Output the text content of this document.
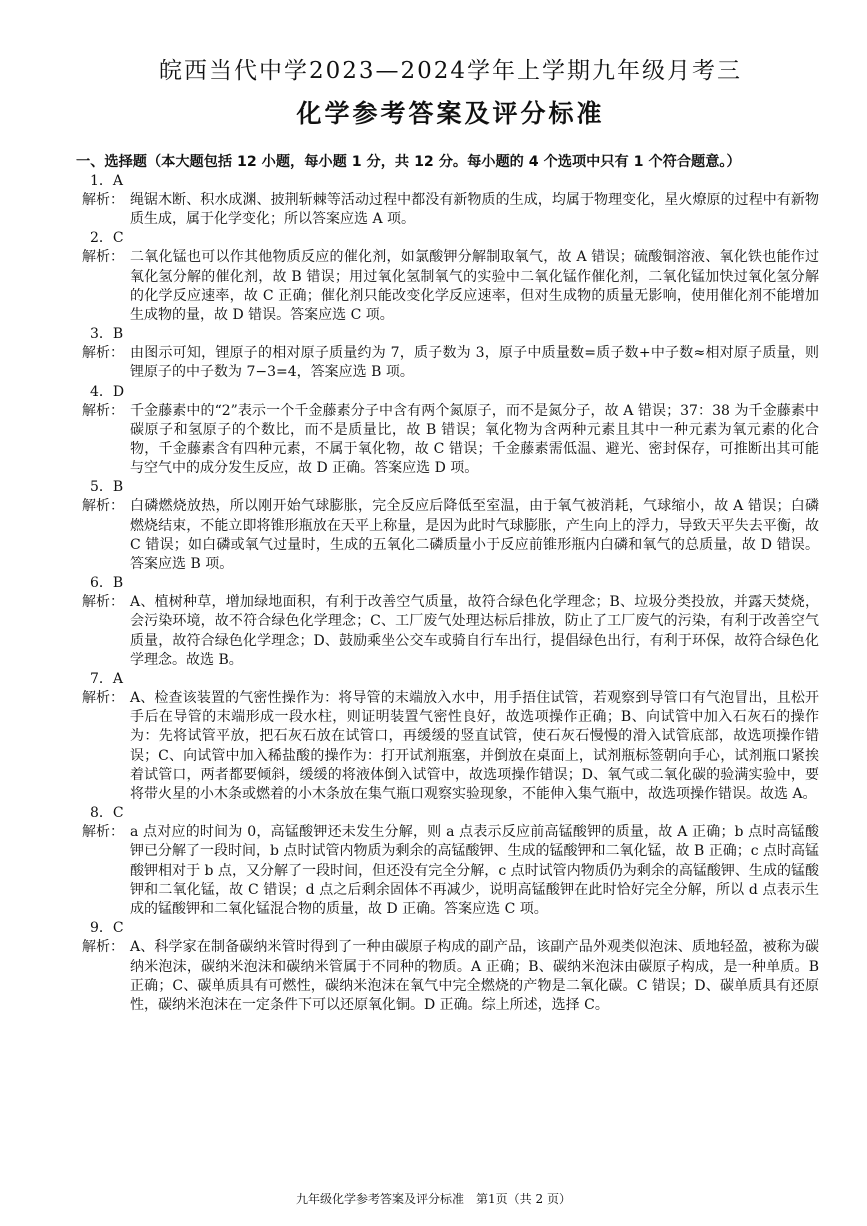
皖西当代中学2023—2024学年上学期九年级月考三
化学参考答案及评分标准
一、选择题（本大题包括 12 小题，每小题 1 分，共 12 分。每小题的 4 个选项中只有 1 个符合题意。）
1．A
解析： 绳锯木断、积水成渊、披荆斩棘等活动过程中都没有新物质的生成，均属于物理变化，星火燎原的过程中有新物质生成，属于化学变化；所以答案应选 A 项。
2．C
解析： 二氧化锰也可以作其他物质反应的催化剂，如氯酸钾分解制取氧气，故 A 错误；硫酸铜溶液、氧化铁也能作过氧化氢分解的催化剂，故 B 错误；用过氧化氢制氧气的实验中二氧化锰作催化剂，二氧化锰加快过氧化氢分解的化学反应速率，故 C 正确；催化剂只能改变化学反应速率，但对生成物的质量无影响，使用催化剂不能增加生成物的量，故 D 错误。答案应选 C 项。
3．B
解析： 由图示可知，锂原子的相对原子质量约为 7，质子数为 3，原子中质量数=质子数+中子数≈相对原子质量，则锂原子的中子数为 7−3=4，答案应选 B 项。
4．D
解析： 千金藤素中的“2”表示一个千金藤素分子中含有两个氮原子，而不是氮分子，故 A 错误；37：38 为千金藤素中碳原子和氢原子的个数比，而不是质量比，故 B 错误；氧化物为含两种元素且其中一种元素为氧元素的化合物，千金藤素含有四种元素，不属于氧化物，故 C 错误；千金藤素需低温、避光、密封保存，可推断出其可能与空气中的成分发生反应，故 D 正确。答案应选 D 项。
5．B
解析： 白磷燃烧放热，所以刚开始气球膨胀，完全反应后降低至室温，由于氧气被消耗，气球缩小，故 A 错误；白磷燃烧结束，不能立即将锥形瓶放在天平上称量，是因为此时气球膨胀，产生向上的浮力，导致天平失去平衡，故 C 错误；如白磷或氧气过量时，生成的五氧化二磷质量小于反应前锥形瓶内白磷和氧气的总质量，故 D 错误。答案应选 B 项。
6．B
解析： A、植树种草，增加绿地面积，有利于改善空气质量，故符合绿色化学理念；B、垃圾分类投放，并露天焚烧，会污染环境，故不符合绿色化学理念；C、工厂废气处理达标后排放，防止了工厂废气的污染，有利于改善空气质量，故符合绿色化学理念；D、鼓励乘坐公交车或骑自行车出行，提倡绿色出行，有利于环保，故符合绿色化学理念。故选 B。
7．A
解析： A、检查该装置的气密性操作为：将导管的末端放入水中，用手捂住试管，若观察到导管口有气泡冒出，且松开手后在导管的末端形成一段水柱，则证明装置气密性良好，故选项操作正确；B、向试管中加入石灰石的操作为：先将试管平放，把石灰石放在试管口，再缓缓的竖直试管，使石灰石慢慢的滑入试管底部，故选项操作错误；C、向试管中加入稀盐酸的操作为：打开试剂瓶塞，并倒放在桌面上，试剂瓶标签朝向手心，试剂瓶口紧挨着试管口，两者都要倾斜，缓缓的将液体倒入试管中，故选项操作错误；D、氧气或二氧化碳的验满实验中，要将带火星的小木条或燃着的小木条放在集气瓶口观察实验现象，不能伸入集气瓶中，故选项操作错误。故选 A。
8．C
解析： a 点对应的时间为 0，高锰酸钾还未发生分解，则 a 点表示反应前高锰酸钾的质量，故 A 正确；b 点时高锰酸钾已分解了一段时间，b 点时试管内物质为剩余的高锰酸钾、生成的锰酸钾和二氧化锰，故 B 正确；c 点时高锰酸钾相对于 b 点，又分解了一段时间，但还没有完全分解，c 点时试管内物质仍为剩余的高锰酸钾、生成的锰酸钾和二氧化锰，故 C 错误；d 点之后剩余固体不再减少，说明高锰酸钾在此时恰好完全分解，所以 d 点表示生成的锰酸钾和二氧化锰混合物的质量，故 D 正确。答案应选 C 项。
9．C
解析： A、科学家在制备碳纳米管时得到了一种由碳原子构成的副产品，该副产品外观类似泡沫、质地轻盈，被称为碳纳米泡沫，碳纳米泡沫和碳纳米管属于不同种的物质。A 正确；B、碳纳米泡沫由碳原子构成，是一种单质。B 正确；C、碳单质具有可燃性，碳纳米泡沫在氧气中完全燃烧的产物是二氧化碳。C 错误；D、碳单质具有还原性，碳纳米泡沫在一定条件下可以还原氧化铜。D 正确。综上所述，选择 C。
九年级化学参考答案及评分标准　第1页（共 2 页）
